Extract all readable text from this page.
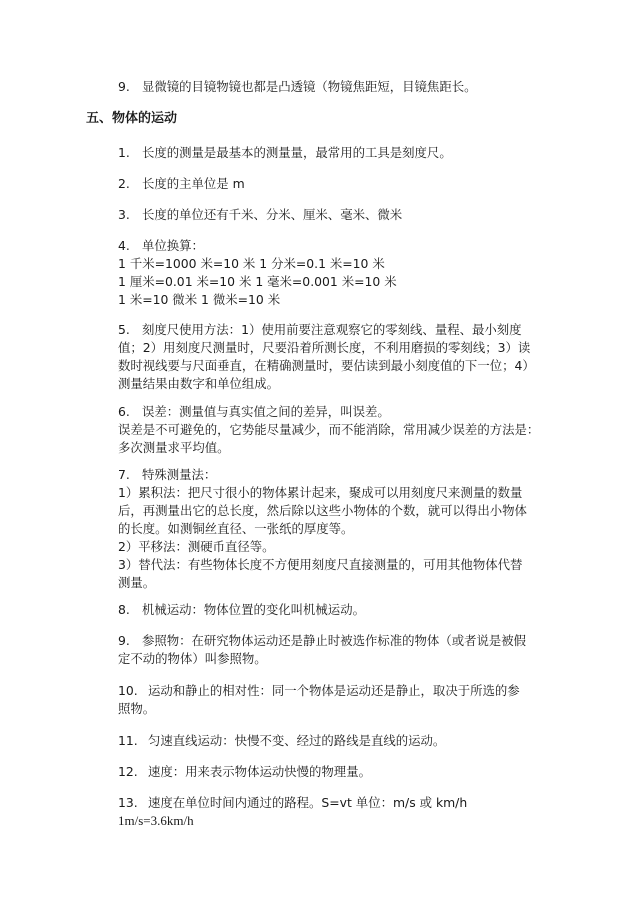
9. 显微镜的目镜物镜也都是凸透镜（物镜焦距短，目镜焦距长。
五、物体的运动
1. 长度的测量是最基本的测量量，最常用的工具是刻度尺。
2. 长度的主单位是 m
3. 长度的单位还有千米、分米、厘米、毫米、微米
4. 单位换算：
1 千米=1000 米=10 米 1 分米=0.1 米=10 米
1 厘米=0.01 米=10 米 1 毫米=0.001 米=10 米
1 米=10 微米 1 微米=10 米
5. 刻度尺使用方法：1）使用前要注意观察它的零刻线、量程、最小刻度
值；2）用刻度尺测量时，尺要沿着所测长度，不利用磨损的零刻线；3）读
数时视线要与尺面垂直，在精确测量时，要估读到最小刻度值的下一位；4）
测量结果由数字和单位组成。
6. 误差：测量值与真实值之间的差异，叫误差。
误差是不可避免的，它势能尽量减少，而不能消除，常用减少误差的方法是：
多次测量求平均值。
7. 特殊测量法：
1）累积法：把尺寸很小的物体累计起来，聚成可以用刻度尺来测量的数量
后，再测量出它的总长度，然后除以这些小物体的个数，就可以得出小物体
的长度。如测铜丝直径、一张纸的厚度等。
2）平移法：测硬币直径等。
3）替代法：有些物体长度不方便用刻度尺直接测量的，可用其他物体代替
测量。
8. 机械运动：物体位置的变化叫机械运动。
9. 参照物：在研究物体运动还是静止时被选作标准的物体（或者说是被假
定不动的物体）叫参照物。
10. 运动和静止的相对性：同一个物体是运动还是静止，取决于所选的参
照物。
11. 匀速直线运动：快慢不变、经过的路线是直线的运动。
12. 速度：用来表示物体运动快慢的物理量。
13. 速度在单位时间内通过的路程。S=vt 单位：m/s 或 km/h
1m/s=3.6km/h
